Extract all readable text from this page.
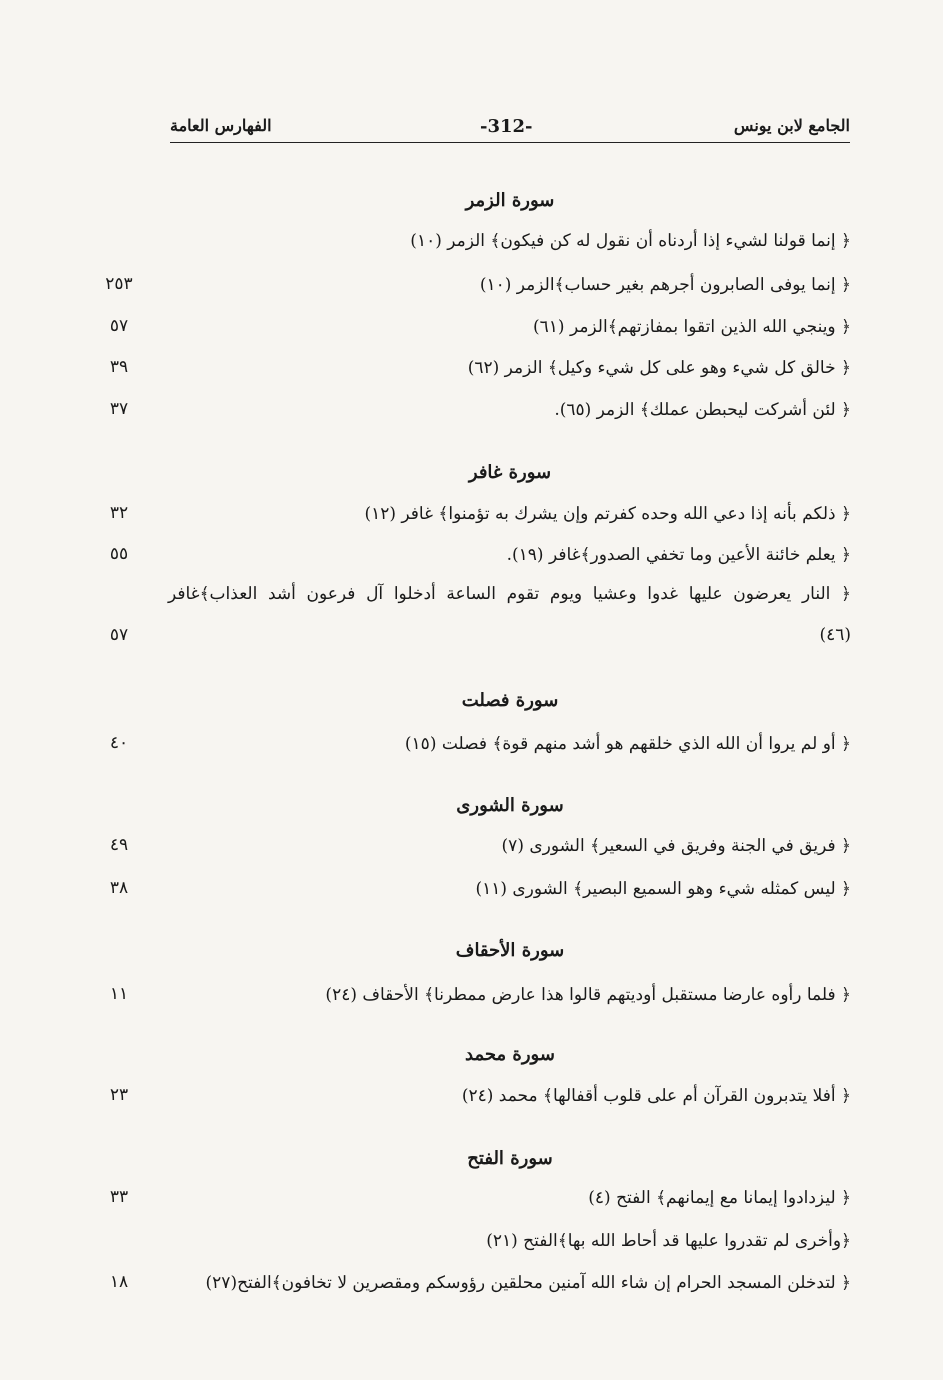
الجامع لابن يونس
-312-
الفهارس العامة
سورة الزمر
﴿ إنما قولنا لشيء إذا أردناه أن نقول له كن فيكون﴾ الزمر (١٠)
﴿ إنما يوفى الصابرون أجرهم بغير حساب﴾الزمر (١٠)
٢٥٣
﴿ وينجي الله الذين اتقوا بمفازتهم﴾الزمر (٦١)
٥٧
﴿ خالق كل شيء وهو على كل شيء وكيل﴾ الزمر (٦٢)
٣٩
﴿ لئن أشركت ليحبطن عملك﴾ الزمر (٦٥).
٣٧
سورة غافر
﴿ ذلكم بأنه إذا دعي الله وحده كفرتم وإن يشرك به تؤمنوا﴾ غافر (١٢)
٣٢
﴿ يعلم خائنة الأعين وما تخفي الصدور﴾غافر (١٩).
٥٥
﴿ النار يعرضون عليها غدوا وعشيا ويوم تقوم الساعة أدخلوا آل فرعون أشد العذاب﴾غافر
(٤٦)
٥٧
سورة فصلت
﴿ أو لم يروا أن الله الذي خلقهم هو أشد منهم قوة﴾ فصلت (١٥)
٤٠
سورة الشورى
﴿ فريق في الجنة وفريق في السعير﴾ الشورى (٧)
٤٩
﴿ ليس كمثله شيء وهو السميع البصير﴾ الشورى (١١)
٣٨
سورة الأحقاف
﴿ فلما رأوه عارضا مستقبل أوديتهم قالوا هذا عارض ممطرنا﴾ الأحقاف (٢٤)
١١
سورة محمد
﴿ أفلا يتدبرون القرآن أم على قلوب أقفالها﴾ محمد (٢٤)
٢٣
سورة الفتح
﴿ ليزدادوا إيمانا مع إيمانهم﴾ الفتح (٤)
٣٣
﴿وأخرى لم تقدروا عليها قد أحاط الله بها﴾الفتح (٢١)
﴿ لتدخلن المسجد الحرام إن شاء الله آمنين محلقين رؤوسكم ومقصرين لا تخافون﴾الفتح(٢٧)
١٨
